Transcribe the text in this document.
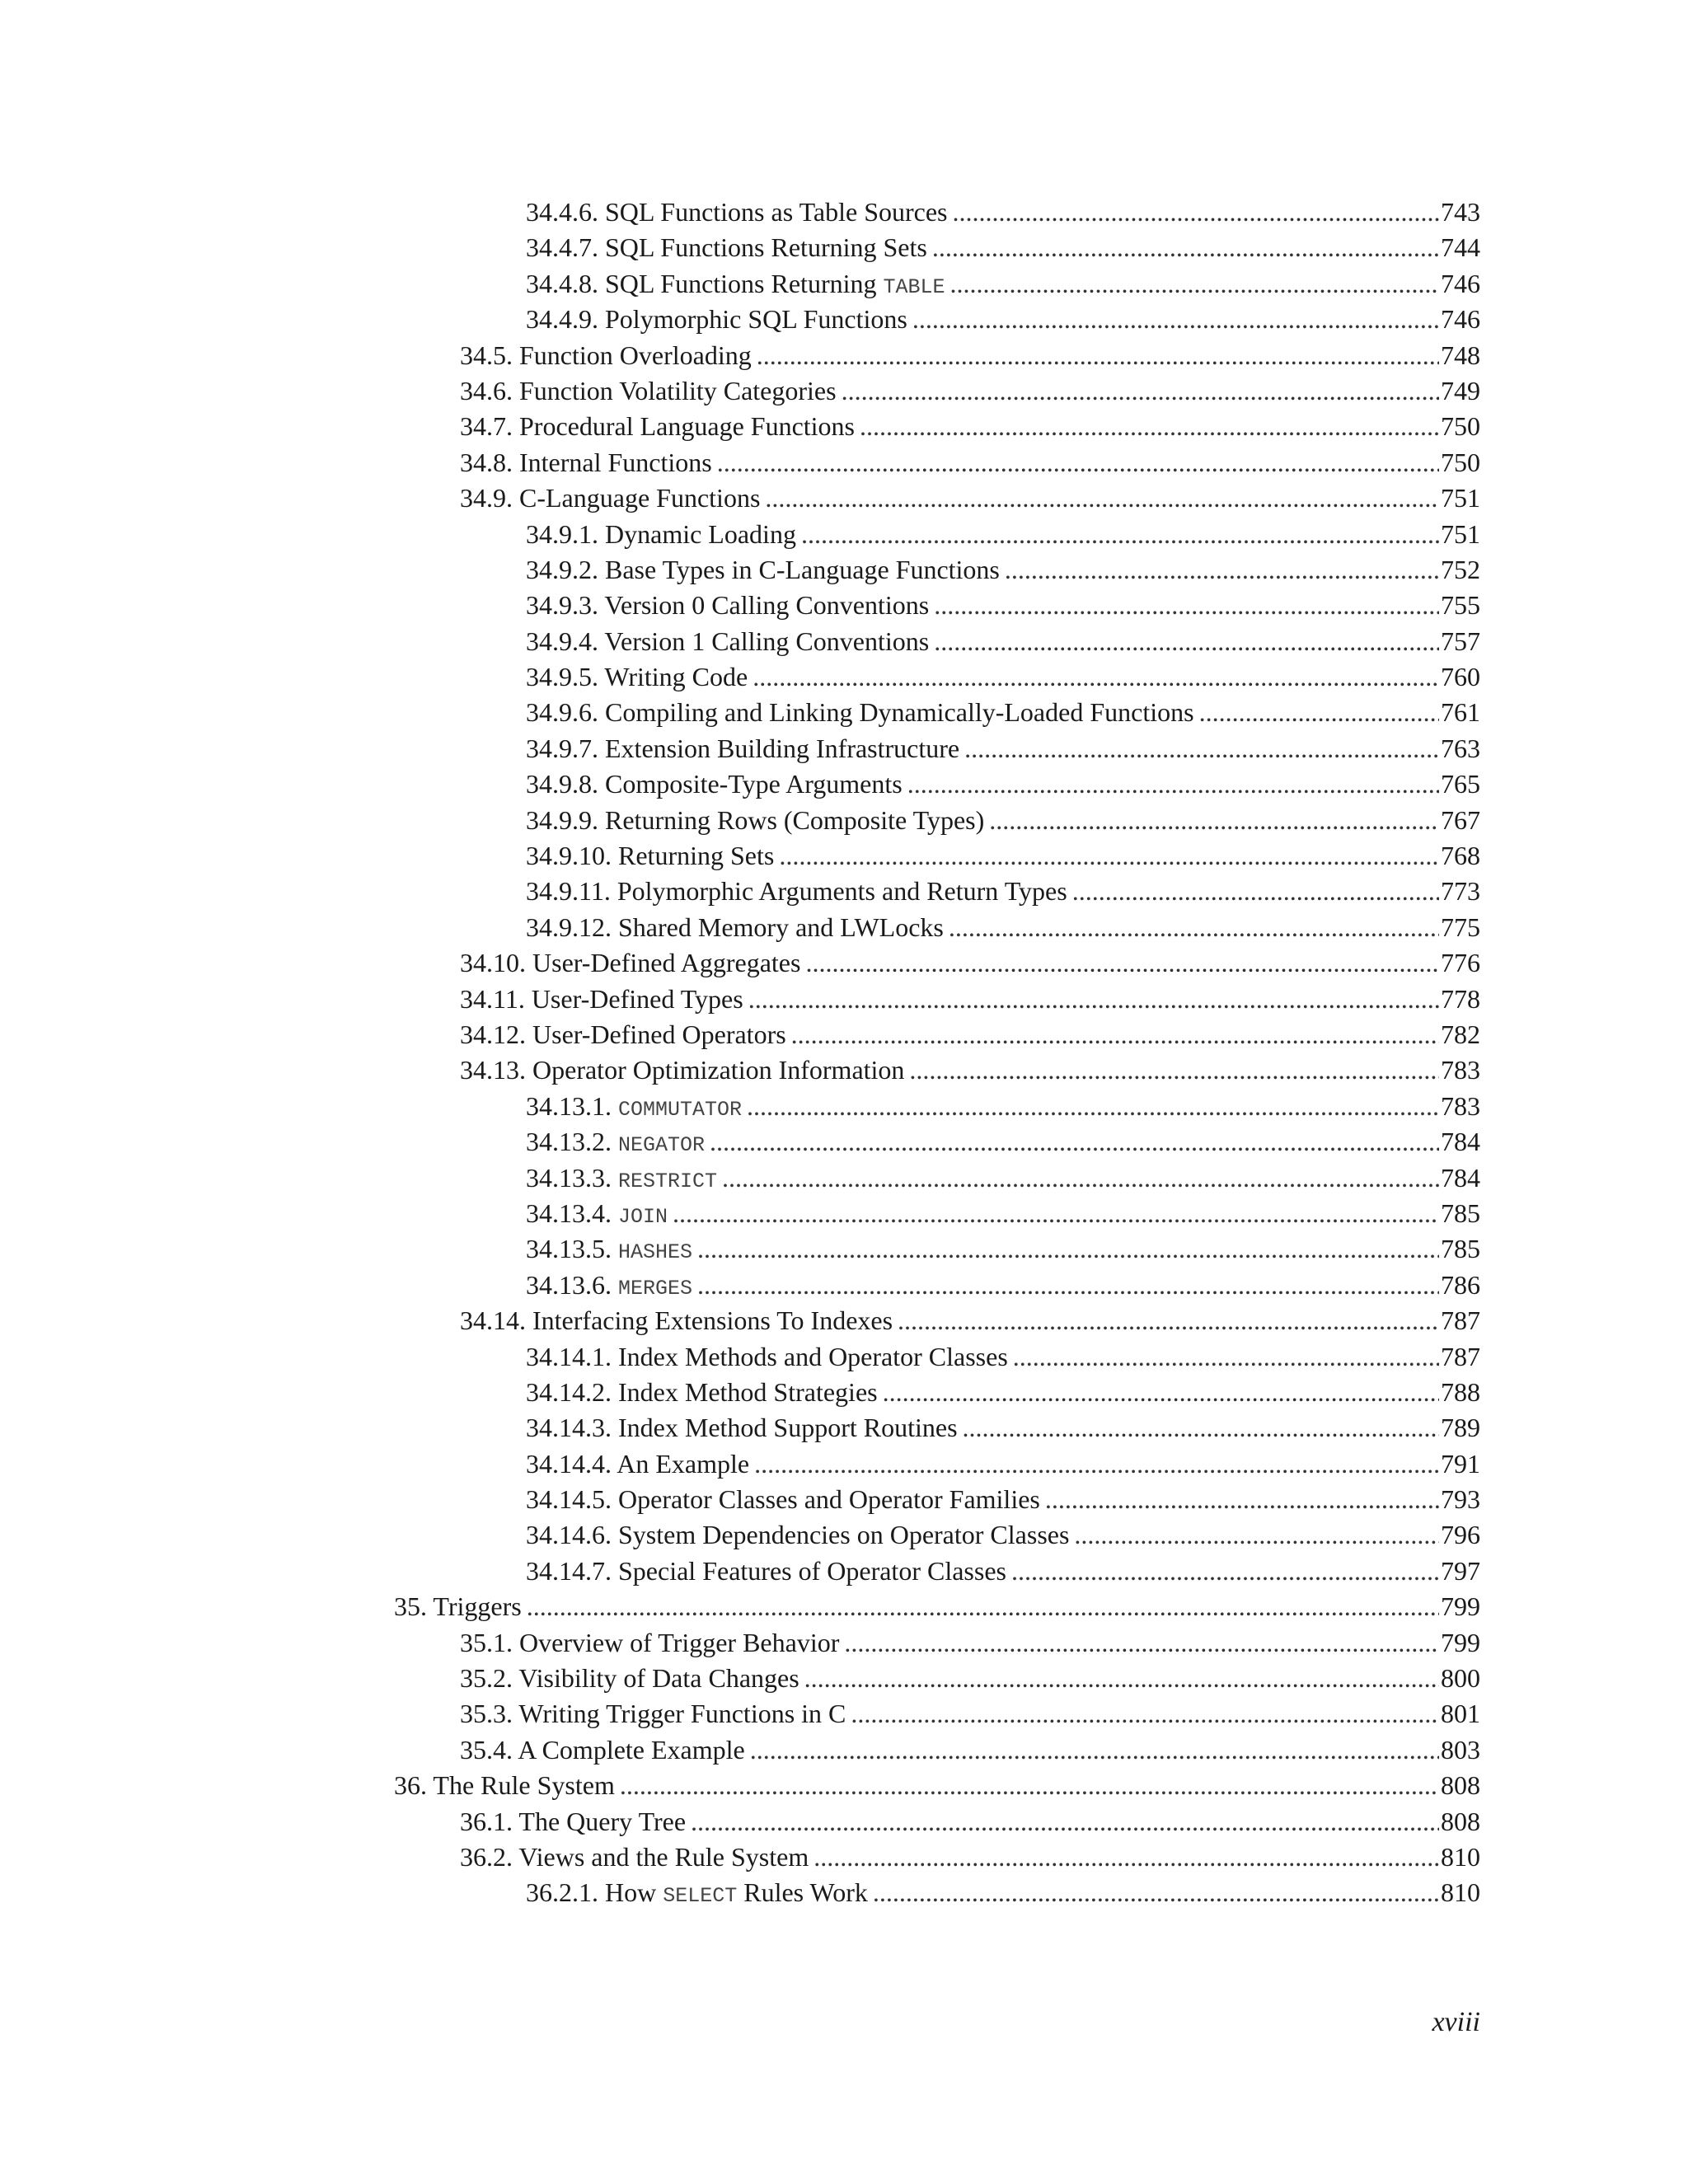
34.4.6. SQL Functions as Table Sources .....	743
34.4.7. SQL Functions Returning Sets .....	744
34.4.8. SQL Functions Returning TABLE .....	746
34.4.9. Polymorphic SQL Functions .....	746
34.5. Function Overloading .....	748
34.6. Function Volatility Categories .....	749
34.7. Procedural Language Functions .....	750
34.8. Internal Functions .....	750
34.9. C-Language Functions .....	751
34.9.1. Dynamic Loading .....	751
34.9.2. Base Types in C-Language Functions .....	752
34.9.3. Version 0 Calling Conventions .....	755
34.9.4. Version 1 Calling Conventions .....	757
34.9.5. Writing Code .....	760
34.9.6. Compiling and Linking Dynamically-Loaded Functions .....	761
34.9.7. Extension Building Infrastructure .....	763
34.9.8. Composite-Type Arguments .....	765
34.9.9. Returning Rows (Composite Types) .....	767
34.9.10. Returning Sets .....	768
34.9.11. Polymorphic Arguments and Return Types .....	773
34.9.12. Shared Memory and LWLocks .....	775
34.10. User-Defined Aggregates .....	776
34.11. User-Defined Types .....	778
34.12. User-Defined Operators .....	782
34.13. Operator Optimization Information .....	783
34.13.1. COMMUTATOR .....	783
34.13.2. NEGATOR .....	784
34.13.3. RESTRICT .....	784
34.13.4. JOIN .....	785
34.13.5. HASHES .....	785
34.13.6. MERGES .....	786
34.14. Interfacing Extensions To Indexes .....	787
34.14.1. Index Methods and Operator Classes .....	787
34.14.2. Index Method Strategies .....	788
34.14.3. Index Method Support Routines .....	789
34.14.4. An Example .....	791
34.14.5. Operator Classes and Operator Families .....	793
34.14.6. System Dependencies on Operator Classes .....	796
34.14.7. Special Features of Operator Classes .....	797
35. Triggers .....	799
35.1. Overview of Trigger Behavior .....	799
35.2. Visibility of Data Changes .....	800
35.3. Writing Trigger Functions in C .....	801
35.4. A Complete Example .....	803
36. The Rule System .....	808
36.1. The Query Tree .....	808
36.2. Views and the Rule System .....	810
36.2.1. How SELECT Rules Work .....	810
xviii
